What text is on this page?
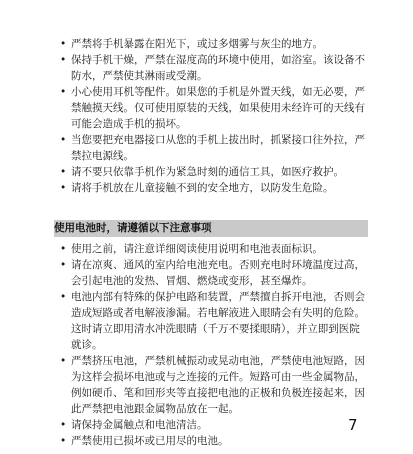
• 严禁将手机暴露在阳光下，或过多烟雾与灰尘的地方。
• 保持手机干燥，严禁在湿度高的环境中使用，如浴室。该设备不防水，严禁使其淋雨或受潮。
• 小心使用耳机等配件。如果您的手机是外置天线，如无必要，严禁触摸天线。仅可使用原装的天线，如果使用未经许可的天线有可能会造成手机的损坏。
• 当您要把充电器接口从您的手机上拔出时，抓紧接口往外拉，严禁拉电源线。
• 请不要只依靠手机作为紧急时刻的通信工具，如医疗救护。
• 请将手机放在儿童接触不到的安全地方，以防发生危险。
使用电池时，请遵循以下注意事项
• 使用之前，请注意详细阅读使用说明和电池表面标识。
• 请在凉爽、通风的室内给电池充电。否则充电时环境温度过高，会引起电池的发热、冒烟、燃烧或变形，甚至爆炸。
• 电池内部有特殊的保护电路和装置，严禁擅自拆开电池，否则会造成短路或者电解液渗漏。若电解液进入眼睛会有失明的危险。这时请立即用清水冲洗眼睛（千万不要揉眼睛），并立即到医院就诊。
• 严禁挤压电池，严禁机械振动或晃动电池，严禁使电池短路，因为这样会损坏电池或与之连接的元件。短路可由一些金属物品，例如硬币、笔和回形夹等直接把电池的正极和负极连接起来，因此严禁把电池跟金属物品放在一起。
• 请保持金属触点和电池清洁。
• 严禁使用已损坏或已用尽的电池。
7
